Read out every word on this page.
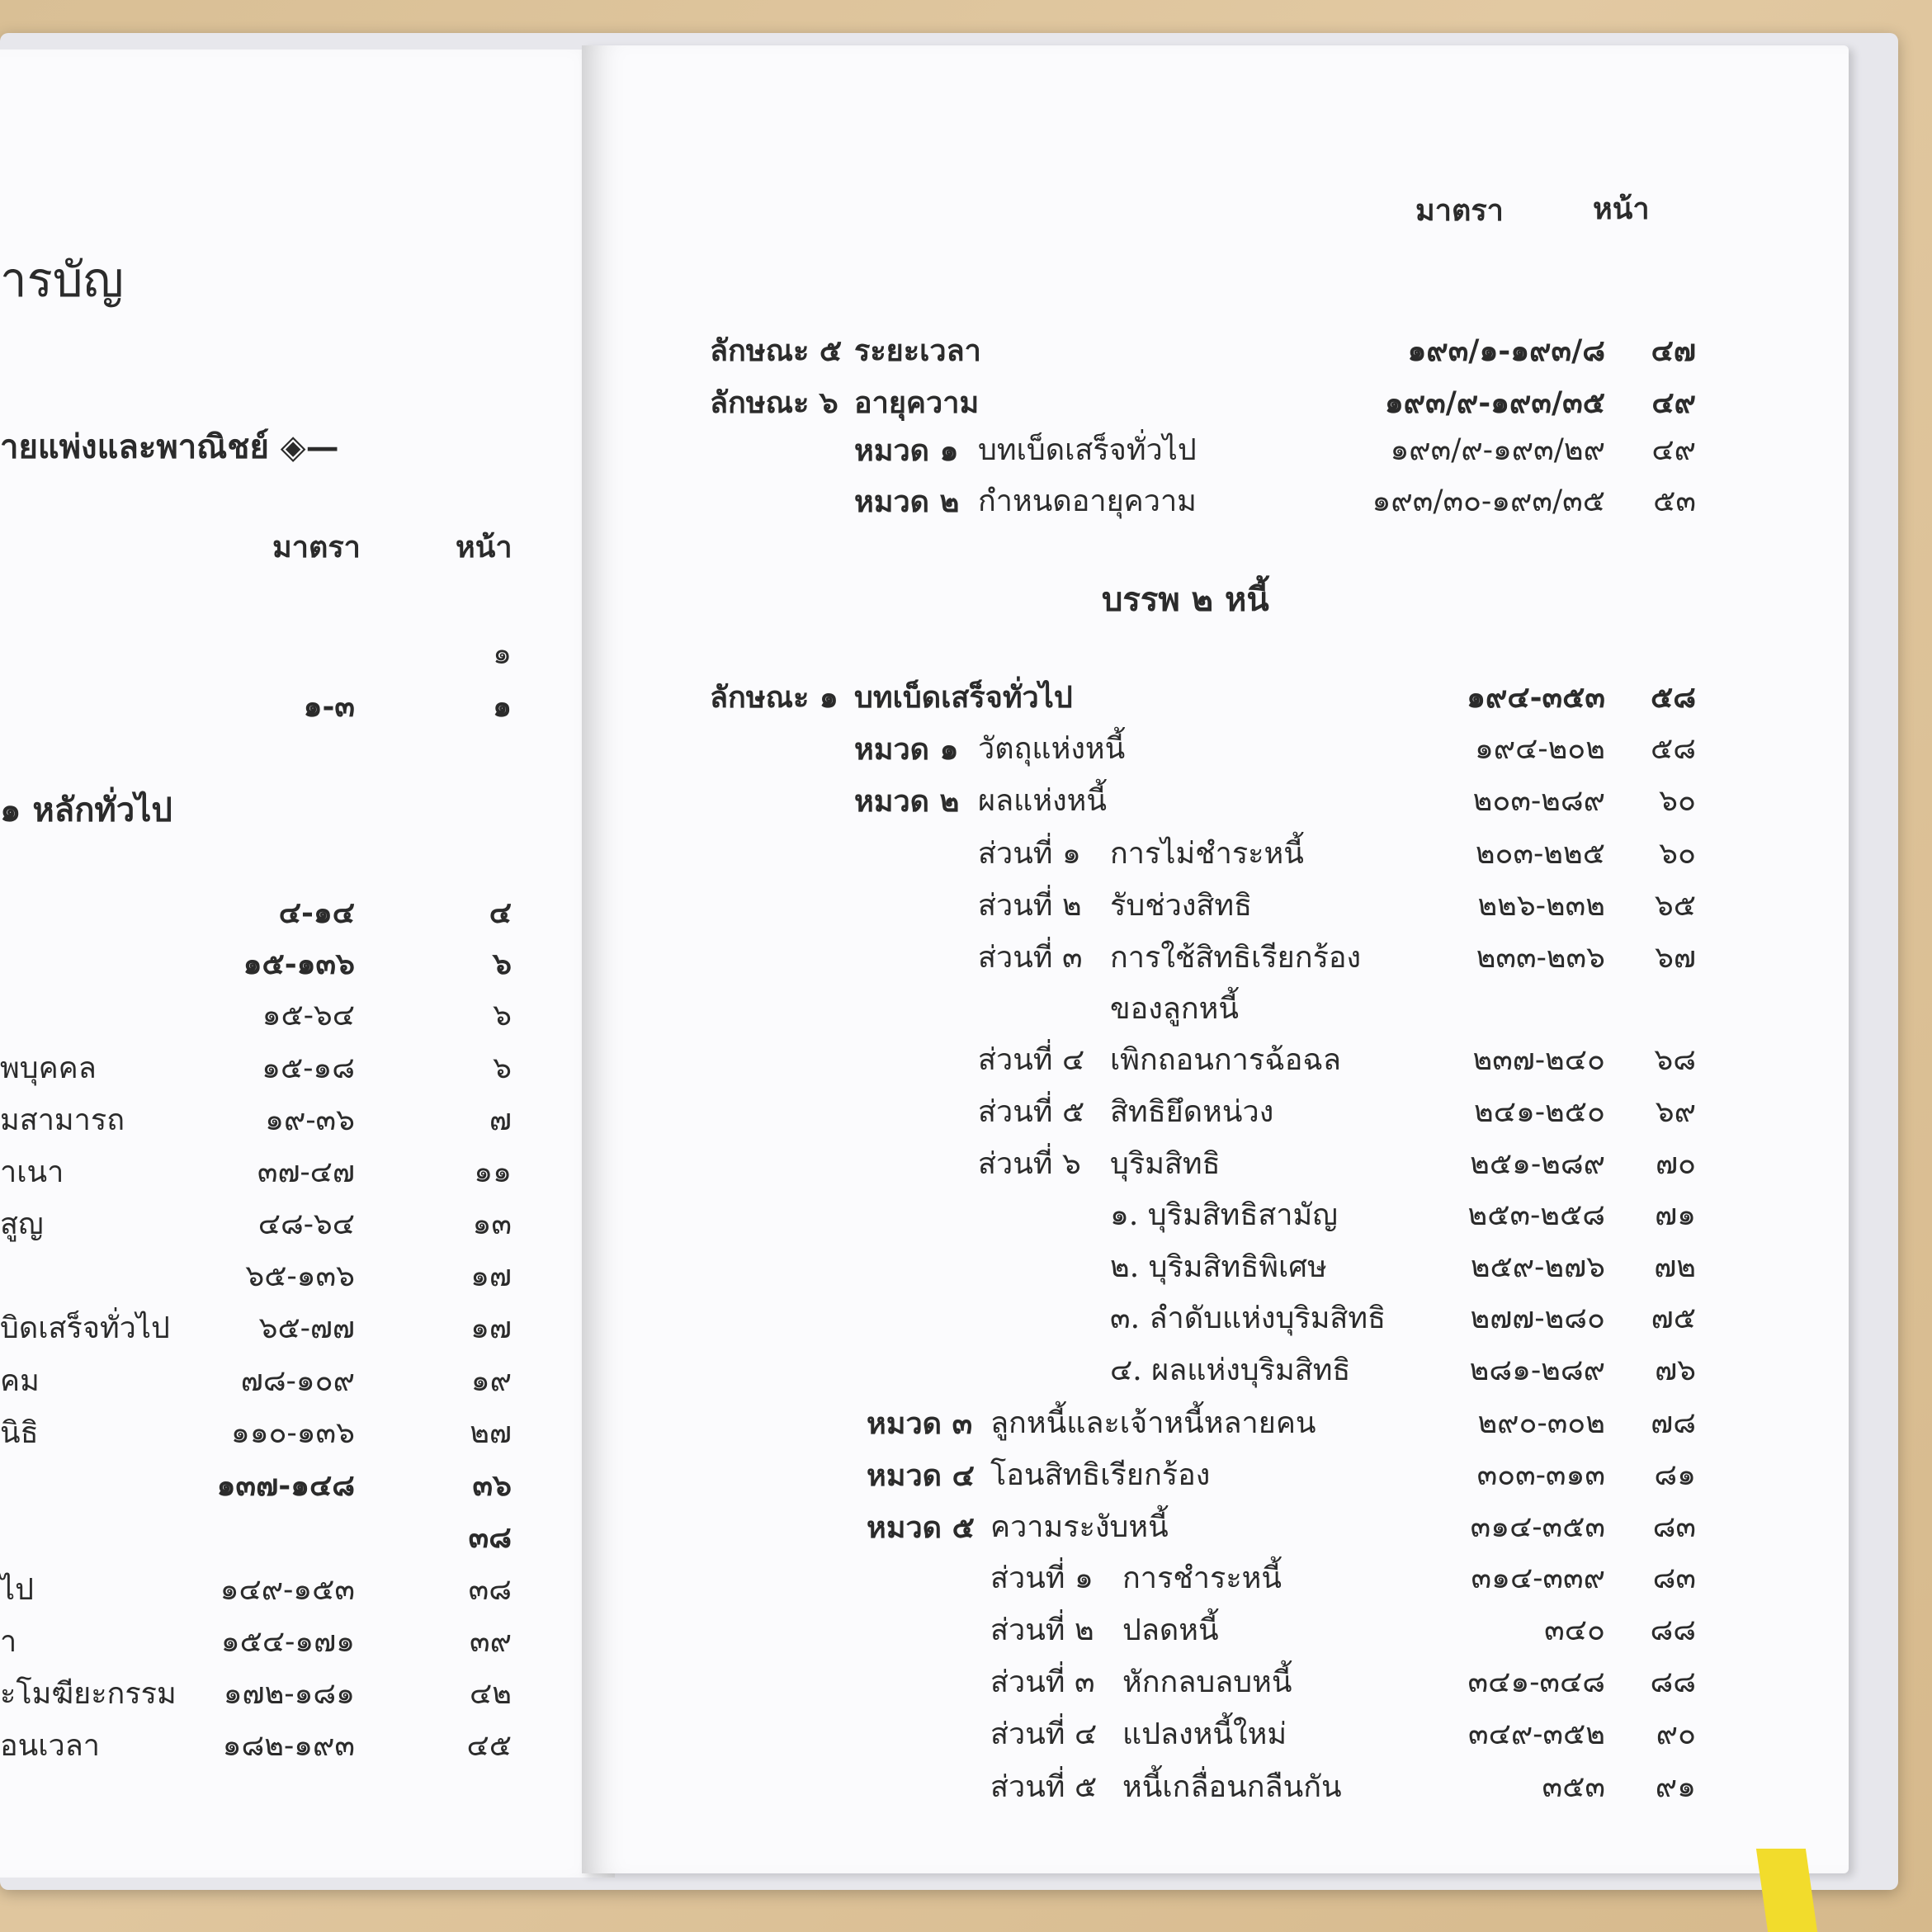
ารบัญ
ายแพ่งและพาณิชย์ ◈—
มาตรา	หน้า
๑ หลักทั่วไป
๑
๑-๓	๑
๔-๑๔	๔
๑๕-๑๓๖	๖
๑๕-๖๔	๖
พบุคคล	๑๕-๑๘	๖
มสามารถ	๑๙-๓๖	๗
ำเนา	๓๗-๔๗	๑๑
สูญ	๔๘-๖๔	๑๓
๖๕-๑๓๖	๑๗
บิดเสร็จทั่วไป	๖๕-๗๗	๑๗
คม	๗๘-๑๐๙	๑๙
นิธิ	๑๑๐-๑๓๖	๒๗
๑๓๗-๑๔๘	๓๖
๓๘
ไป	๑๔๙-๑๕๓	๓๘
า	๑๕๔-๑๗๑	๓๙
ะโมฆียะกรรม	๑๗๒-๑๘๑	๔๒
อนเวลา	๑๘๒-๑๙๓	๔๕
มาตรา	หน้า
บรรพ ๒ หนี้
ลักษณะ ๕ ระยะเวลา	๑๙๓/๑-๑๙๓/๘	๔๗
ลักษณะ ๖ อายุความ	๑๙๓/๙-๑๙๓/๓๕	๔๙
หมวด ๑ บทเบ็ดเสร็จทั่วไป	๑๙๓/๙-๑๙๓/๒๙	๔๙
หมวด ๒ กำหนดอายุความ	๑๙๓/๓๐-๑๙๓/๓๕	๕๓
ลักษณะ ๑ บทเบ็ดเสร็จทั่วไป	๑๙๔-๓๕๓	๕๘
หมวด ๑ วัตถุแห่งหนี้	๑๙๔-๒๐๒	๕๘
หมวด ๒ ผลแห่งหนี้	๒๐๓-๒๘๙	๖๐
ส่วนที่ ๑ การไม่ชำระหนี้	๒๐๓-๒๒๕	๖๐
ส่วนที่ ๒ รับช่วงสิทธิ	๒๒๖-๒๓๒	๖๕
ส่วนที่ ๓ การใช้สิทธิเรียกร้อง	๒๓๓-๒๓๖	๖๗
ของลูกหนี้
ส่วนที่ ๔ เพิกถอนการฉ้อฉล	๒๓๗-๒๔๐	๖๘
ส่วนที่ ๕ สิทธิยึดหน่วง	๒๔๑-๒๕๐	๖๙
ส่วนที่ ๖ บุริมสิทธิ	๒๕๑-๒๘๙	๗๐
๑. บุริมสิทธิสามัญ	๒๕๓-๒๕๘	๗๑
๒. บุริมสิทธิพิเศษ	๒๕๙-๒๗๖	๗๒
๓. ลำดับแห่งบุริมสิทธิ	๒๗๗-๒๘๐	๗๕
๔. ผลแห่งบุริมสิทธิ	๒๘๑-๒๘๙	๗๖
หมวด ๓ ลูกหนี้และเจ้าหนี้หลายคน	๒๙๐-๓๐๒	๗๘
หมวด ๔ โอนสิทธิเรียกร้อง	๓๐๓-๓๑๓	๘๑
หมวด ๕ ความระงับหนี้	๓๑๔-๓๕๓	๘๓
ส่วนที่ ๑ การชำระหนี้	๓๑๔-๓๓๙	๘๓
ส่วนที่ ๒ ปลดหนี้	๓๔๐	๘๘
ส่วนที่ ๓ หักกลบลบหนี้	๓๔๑-๓๔๘	๘๘
ส่วนที่ ๔ แปลงหนี้ใหม่	๓๔๙-๓๕๒	๙๐
ส่วนที่ ๕ หนี้เกลื่อนกลืนกัน	๓๕๓	๙๑
